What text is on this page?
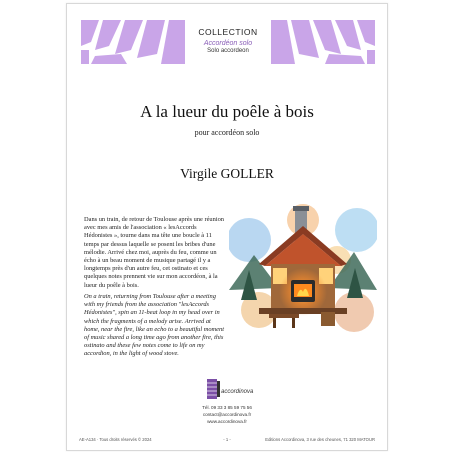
COLLECTION
Accordéon solo
Solo accordeon
A la lueur du poêle à bois
pour accordéon solo
Virgile GOLLER
Dans un train, de retour de Toulouse après une réunion avec mes amis de l'association « lesAccords Hédonistes », tourne dans ma tête une boucle à 11 temps par dessus laquelle se posent les bribes d'une mélodie. Arrivé chez moi, auprès du feu, comme un écho à un beau moment de musique partagé il y a longtemps près d'un autre feu, cet ostinato et ces quelques notes prennent vie sur mon accordéon, à la lueur du poêle à bois.
On a train, returning from Toulouse after a meeting with my friends from the association "lesAccords Hédonistes", spin an 11-beat loop in my head over in which the fragments of a melody arise. Arrived at home, near the fire, like an echo to a beautiful moment of music shared a long time ago from another fire, this ostinato and these few notes come to life on my accordion, in the light of wood stove.
accordinova
Tél. 09 33 3 85 59 75 56
contact@accordinova.fr
www.accordinova.fr
AE-A134 · Tous droits réservés © 2024	- 1 -	Editions Accordinova, 3 rue des cheunes, 71 320 MATOUR
